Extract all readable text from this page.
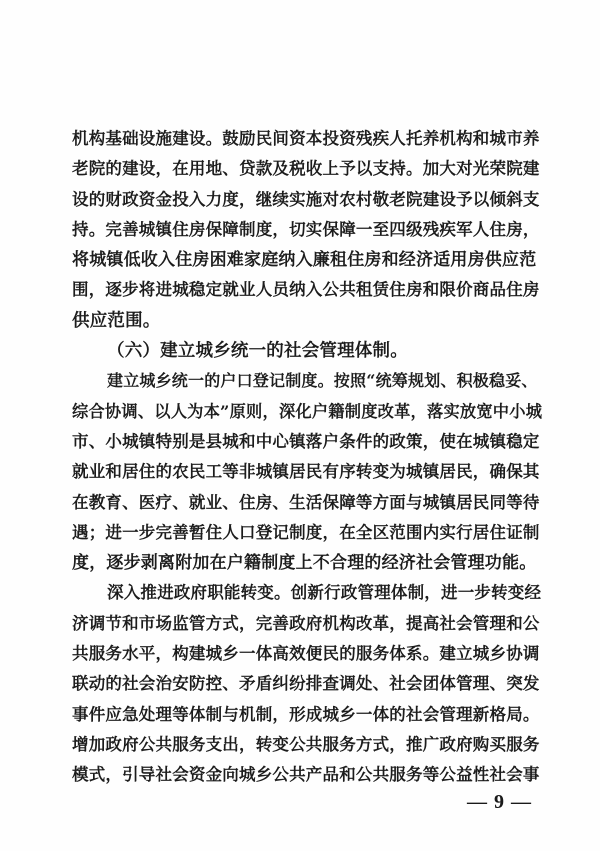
机构基础设施建设。鼓励民间资本投资残疾人托养机构和城市养
老院的建设，在用地、贷款及税收上予以支持。加大对光荣院建
设的财政资金投入力度，继续实施对农村敬老院建设予以倾斜支
持。完善城镇住房保障制度，切实保障一至四级残疾军人住房，
将城镇低收入住房困难家庭纳入廉租住房和经济适用房供应范
围，逐步将进城稳定就业人员纳入公共租赁住房和限价商品住房
供应范围。
（六）建立城乡统一的社会管理体制。
建立城乡统一的户口登记制度。按照“统筹规划、积极稳妥、
综合协调、以人为本”原则，深化户籍制度改革，落实放宽中小城
市、小城镇特别是县城和中心镇落户条件的政策，使在城镇稳定
就业和居住的农民工等非城镇居民有序转变为城镇居民，确保其
在教育、医疗、就业、住房、生活保障等方面与城镇居民同等待
遇；进一步完善暂住人口登记制度，在全区范围内实行居住证制
度，逐步剥离附加在户籍制度上不合理的经济社会管理功能。
深入推进政府职能转变。创新行政管理体制，进一步转变经
济调节和市场监管方式，完善政府机构改革，提高社会管理和公
共服务水平，构建城乡一体高效便民的服务体系。建立城乡协调
联动的社会治安防控、矛盾纠纷排查调处、社会团体管理、突发
事件应急处理等体制与机制，形成城乡一体的社会管理新格局。
增加政府公共服务支出，转变公共服务方式，推广政府购买服务
模式，引导社会资金向城乡公共产品和公共服务等公益性社会事
— 9 —
